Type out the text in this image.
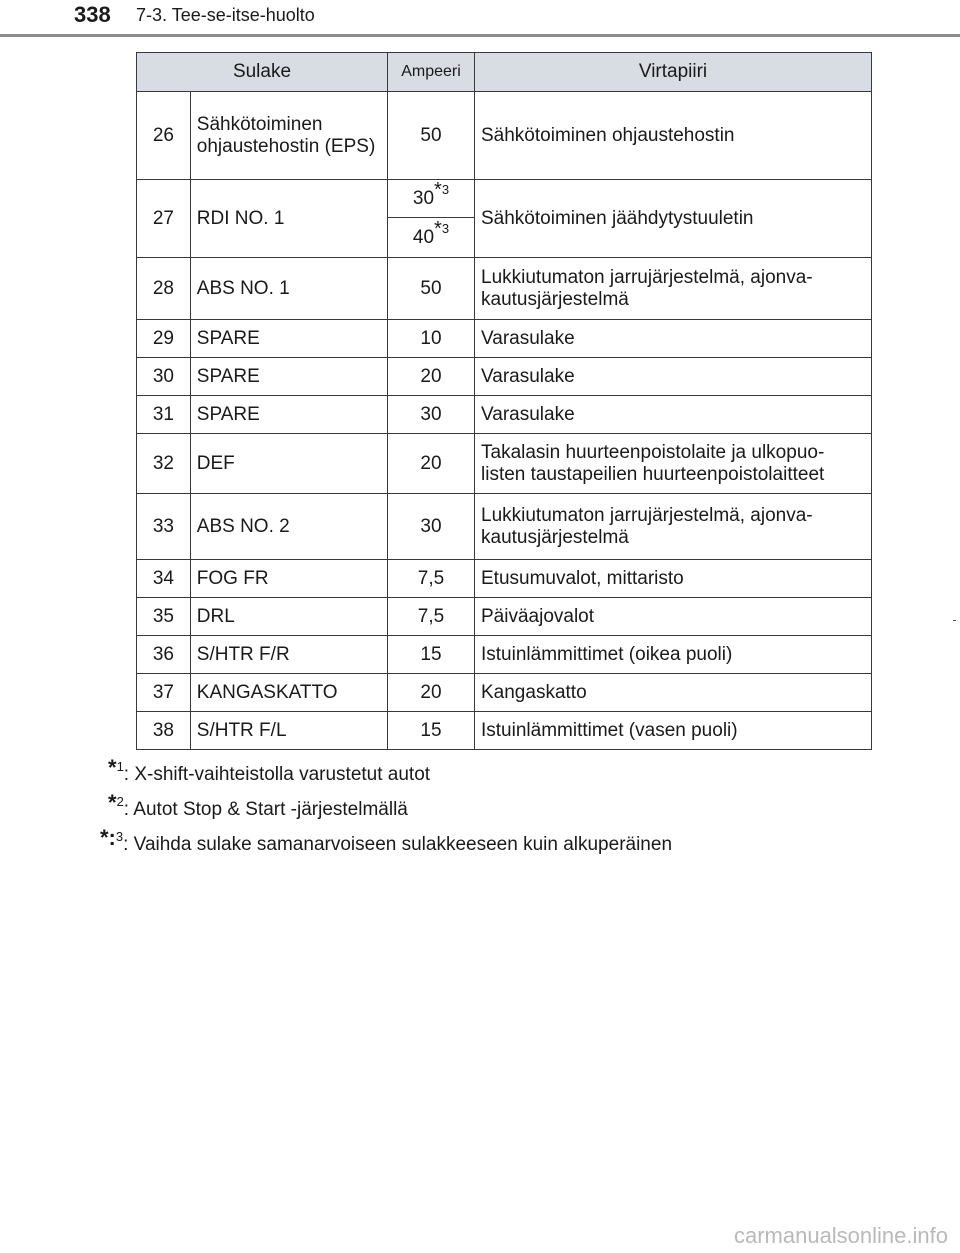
338 7-3. Tee-se-itse-huolto
Sulake		Ampeeri	Virtapiiri
26	Sähkötoiminen ohjaustehostin (EPS)	50	Sähkötoiminen ohjaustehostin
27	RDI NO. 1	30*$^3$	Sähkötoiminen jäähdytystuuletin
		40*$^3$
28	ABS NO. 1	50	Lukkiutumaton jarrujärjestelmä, ajonva-kautusjärjestelmä
29	SPARE	10	Varasulake
30	SPARE	20	Varasulake
31	SPARE	30	Varasulake
32	DEF	20	Takalasin huurteenpoistolaite ja ulkopuo-listen taustapeilien huurteenpoistolaitteet
33	ABS NO. 2	30	Lukkiutumaton jarrujärjestelmä, ajonva-kautusjärjestelmä
34	FOG FR	7,5	Etusumuvalot, mittaristo
35	DRL	7,5	Päiväajovalot
36	S/HTR F/R	15	Istuinlämmittimet (oikea puoli)
37	KANGASKATTO	20	Kangaskatto
38	S/HTR F/L	15	Istuinlämmittimet (vasen puoli)
*$^1$: X-shift-vaihteistolla varustetut autot
*$^2$: Autot Stop & Start -järjestelmällä
*:$^3$: Vaihda sulake samanarvoiseen sulakkeeseen kuin alkuperäinen
carmanualsonline.info
